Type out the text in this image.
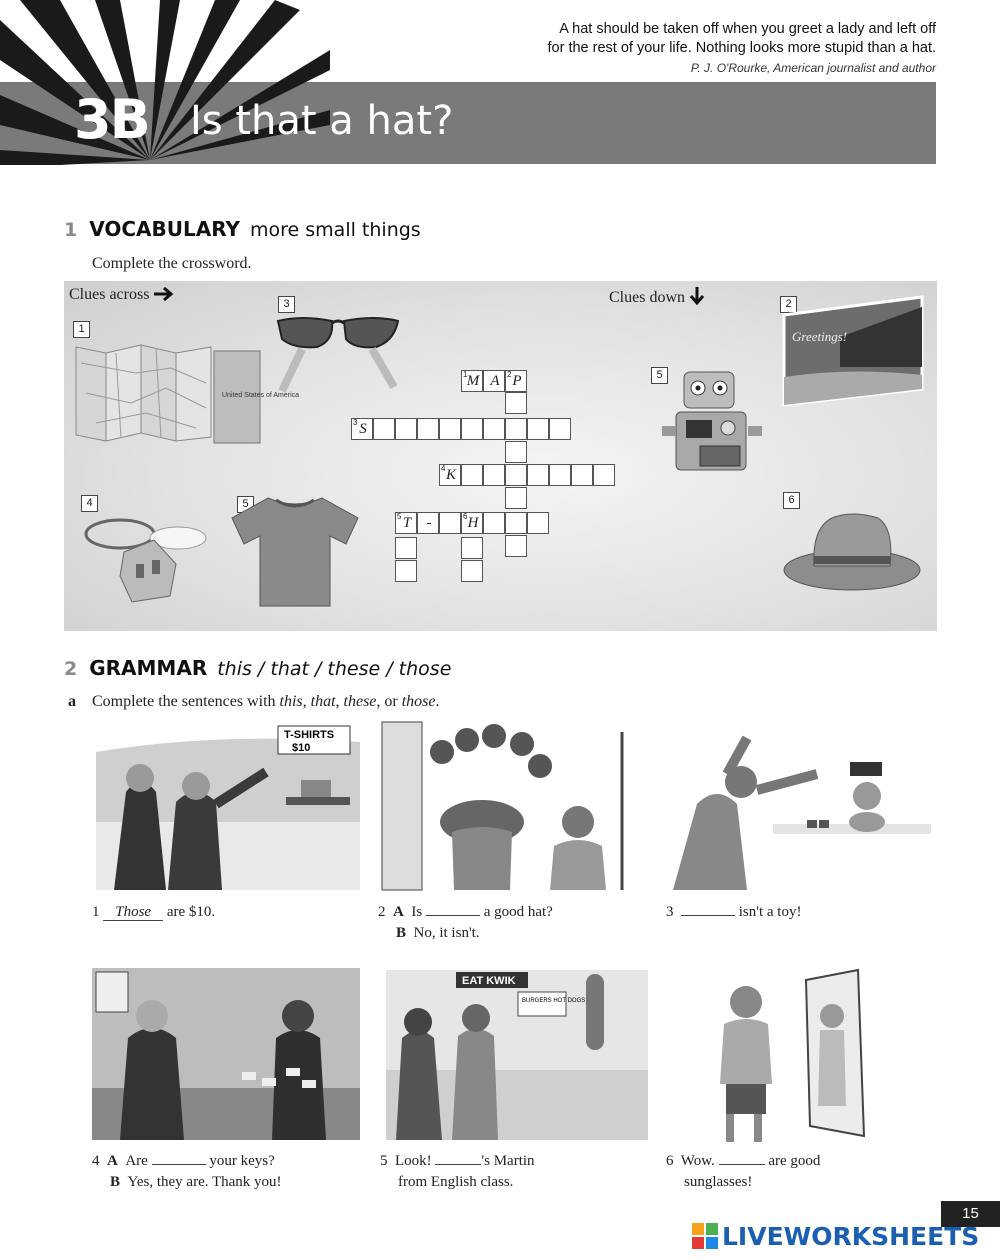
A hat should be taken off when you greet a lady and left off
for the rest of your life. Nothing looks more stupid than a hat.
P. J. O'Rourke, American journalist and author
3B Is that a hat?
1 VOCABULARY more small things
Complete the crossword.
Clues across	Clues down
1
3	2
5
4	5	6
United States of America
Greetings!
1 M A 2 P
3 S
4 K
5 T	-	6 H
2 GRAMMAR this / that / these / those
a Complete the sentences with this, that, these, or those.
T-SHIRTS
$10
1 Those are $10.	2 A Is	a good hat?
B No, it isn't.
3	isn't a toy!
EAT KWIK
BURGERS HOT DOGS
4 A Are	your keys?
B Yes, they are. Thank you!
5 Look!	's Martin
from English class.
6 Wow.	are good
sunglasses!
15
LIVEWORKSHEETS
